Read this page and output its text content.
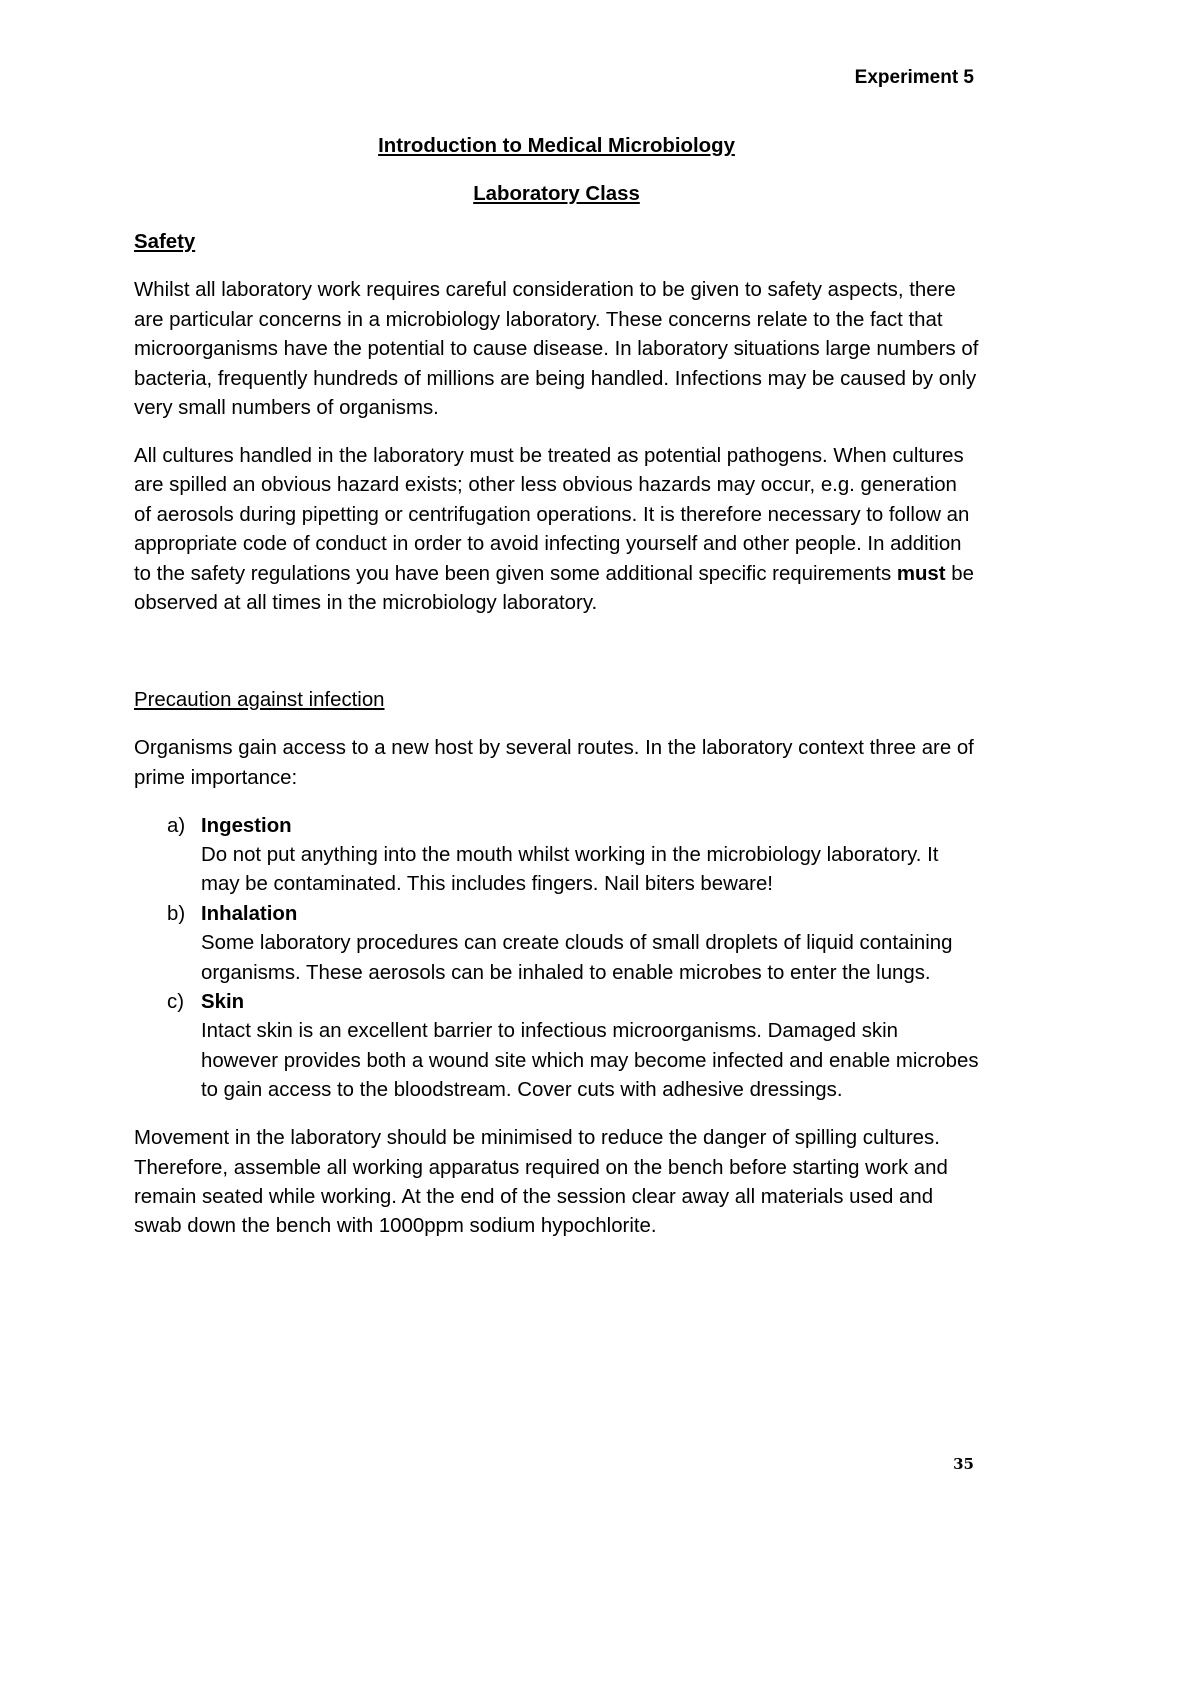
Experiment 5
Introduction to Medical Microbiology
Laboratory Class
Safety

Whilst all laboratory work requires careful consideration to be given to safety aspects, there are particular concerns in a microbiology laboratory. These concerns relate to the fact that microorganisms have the potential to cause disease. In laboratory situations large numbers of bacteria, frequently hundreds of millions are being handled. Infections may be caused by only very small numbers of organisms.

All cultures handled in the laboratory must be treated as potential pathogens. When cultures are spilled an obvious hazard exists; other less obvious hazards may occur, e.g. generation of aerosols during pipetting or centrifugation operations. It is therefore necessary to follow an appropriate code of conduct in order to avoid infecting yourself and other people. In addition to the safety regulations you have been given some additional specific requirements must be observed at all times in the microbiology laboratory.

Precaution against infection

Organisms gain access to a new host by several routes. In the laboratory context three are of prime importance:

a) Ingestion
Do not put anything into the mouth whilst working in the microbiology laboratory. It may be contaminated. This includes fingers. Nail biters beware!
b) Inhalation
Some laboratory procedures can create clouds of small droplets of liquid containing organisms. These aerosols can be inhaled to enable microbes to enter the lungs.
c) Skin
Intact skin is an excellent barrier to infectious microorganisms. Damaged skin however provides both a wound site which may become infected and enable microbes to gain access to the bloodstream. Cover cuts with adhesive dressings.

Movement in the laboratory should be minimised to reduce the danger of spilling cultures. Therefore, assemble all working apparatus required on the bench before starting work and remain seated while working. At the end of the session clear away all materials used and swab down the bench with 1000ppm sodium hypochlorite.

35
